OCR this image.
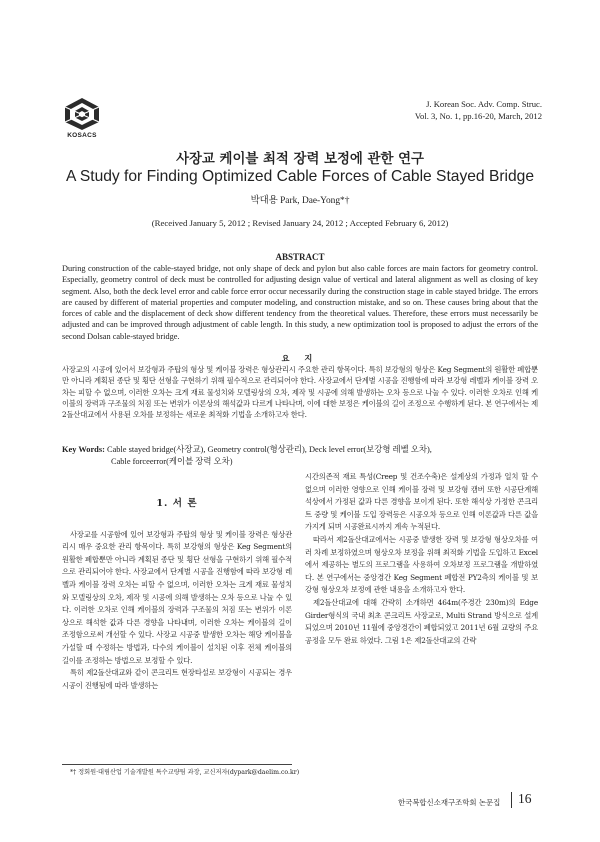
KOSACS
J. Korean Soc. Adv. Comp. Struc.
Vol. 3, No. 1, pp.16-20, March, 2012
사장교 케이블 최적 장력 보정에 관한 연구
A Study for Finding Optimized Cable Forces of Cable Stayed Bridge
박대용 Park, Dae-Yong*†
(Received January 5, 2012 ; Revised January 24, 2012 ; Accepted February 6, 2012)
ABSTRACT
During construction of the cable-stayed bridge, not only shape of deck and pylon but also cable forces are main factors for geometry control. Especially, geometry control of deck must be controlled for adjusting design value of vertical and lateral alignment as well as closing of key segment. Also, both the deck level error and cable force error occur necessarily during the construction stage in cable stayed bridge. The errors are caused by different of material properties and computer modeling, and construction mistake, and so on. These causes bring about that the forces of cable and the displacement of deck show different tendency from the theoretical values. Therefore, these errors must necessarily be adjusted and can be improved through adjustment of cable length. In this study, a new optimization tool is proposed to adjust the errors of the second Dolsan cable-stayed bridge.
요 지
사장교의 시공에 있어서 보강형과 주탑의 형상 및 케이블 장력은 형상관리시 주요한 관리 항목이다. 특히 보강형의 형상은 Keg Segment의 원활한 폐합뿐만 아니라 계획된 종단 및 횡단 선형을 구현하기 위해 필수적으로 관리되어야 한다. 사장교에서 단계별 시공을 진행함에 따라 보강형 레벨과 케이블 장력 오차는 피할 수 없으며, 이러한 오차는 크게 재료 물성치와 모델링상의 오차, 제작 및 시공에 의해 발생하는 오차 등으로 나눌 수 있다. 이러한 오차로 인해 케이블의 장력과 구조물의 처짐 또는 변위가 이론상의 해석값과 다르게 나타나며, 이에 대한 보정은 케이블의 길이 조정으로 수행하게 된다. 본 연구에서는 제2돌산대교에서 사용된 오차를 보정하는 새로운 최적화 기법을 소개하고자 한다.
Key Words: Cable stayed bridge(사장교), Geometry control(형상관리), Deck level error(보강형 레벨 오차),
Cable forceerror(케이블 장력 오차)
1. 서 론
사장교를 시공함에 있어 보강형과 주탑의 형상 및 케이블 장력은 형상관리시 매우 중요한 관리 항목이다. 특히 보강형의 형상은 Keg Segment의 원활한 폐합뿐만 아니라 계획된 종단 및 횡단 선형을 구현하기 위해 필수적으로 관리되어야 한다. 사장교에서 단계별 시공을 진행함에 따라 보강형 레벨과 케이블 장력 오차는 피할 수 없으며, 이러한 오차는 크게 재료 물성치와 모델링상의 오차, 제작 및 시공에 의해 발생하는 오차 등으로 나눌 수 있다. 이러한 오차로 인해 케이블의 장력과 구조물의 처짐 또는 변위가 이론상으로 해석한 값과 다른 경향을 나타내며, 이러한 오차는 케이블의 길이 조정함으로써 개선할 수 있다. 사장교 시공중 발생한 오차는 해당 케이블을 가설할 때 수정하는 방법과, 다수의 케이블이 설치된 이후 전체 케이블의 길이를 조정하는 방법으로 보정할 수 있다.
특히 제2돌산대교와 같이 콘크리트 현장타설로 보강형이 시공되는 경우 시공이 진행됨에 따라 발생하는
시간의존적 재료 특성(Creep 및 건조수축)은 설계상의 가정과 일치 할 수 없으며 이러한 영향으로 인해 케이블 장력 및 보강형 캠버 또한 시공단계해석상에서 가정된 값과 다른 경향을 보이게 된다. 또한 해석상 가정한 콘크리트 중량 및 케이블 도입 장력등은 시공오차 등으로 인해 이론값과 다른 값을 가지게 되며 시공완료시까지 계속 누적된다.
따라서 제2돌산대교에서는 시공중 발생한 장력 및 보강형 형상오차를 여러 차례 보정하였으며 형상오차 보정을 위해 최적화 기법을 도입하고 Excel에서 제공하는 별도의 프로그램을 사용하여 오차보정 프로그램을 개발하였다. 본 연구에서는 중앙경간 Keg Segment 폐합전 PY2측의 케이블 및 보강형 형상오차 보정에 관한 내용을 소개하고자 한다.
제2돌산대교에 대해 간략히 소개하면 464m(주경간 230m)의 Edge Girder형식의 국내 최초 콘크리트 사장교로, Multi Strand 방식으로 설계되었으며 2010년 11월에 중앙경간이 폐합되었고 2011년 6월 교량의 주요 공정을 모두 완료 하였다. 그림 1은 제2돌산대교의 간략
*† 정회원·대림산업 기술개발원 특수교량팀 과장, 교신저자(dypark@daelim.co.kr)
한국복합신소재구조학회 논문집 16
